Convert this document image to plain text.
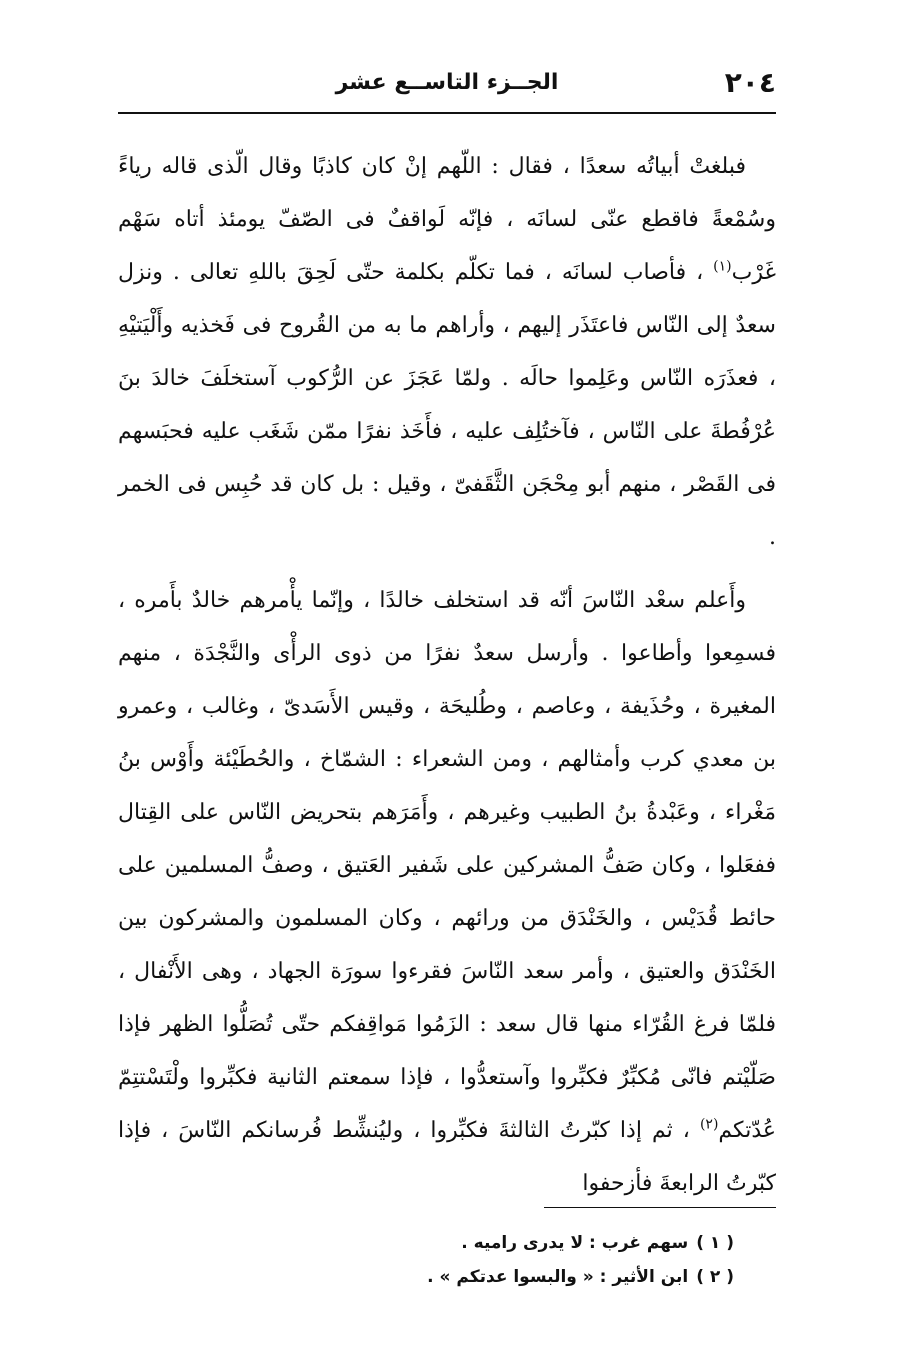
٢٠٤
الجــزء التاســع عشر

فبلغتْ أبياتُه سعدًا ، فقال : اللّهم إنْ كان كاذبًا وقال الّذى قاله رياءً وسُمْعةً فاقطع عنّى لسانَه ، فإنّه لَواقفٌ فى الصّفّ يومئذ أتاه سَهْم غَرْب$^{(١)}$ ، فأصاب لسانَه ، فما تكلّم بكلمة حتّى لَحِقَ باللهِ تعالى . ونزل سعدٌ إلى النّاس فاعتَذَر إليهم ، وأراهم ما به من القُروح فى فَخذيه وأَلْيَتيْهِ ، فعذَرَه النّاس وعَلِموا حالَه . ولمّا عَجَزَ عن الرُّكوب آستخلَفَ خالدَ بنَ عُرْفُطةَ على النّاس ، فآختُلِف عليه ، فأَخَذ نفرًا ممّن شَغَب عليه فحبَسهم فى القَصْر ، منهم أبو مِحْجَن الثَّقَفىّ ، وقيل : بل كان قد حُبِس فى الخمر .

وأَعلم سعْد النّاسَ أنّه قد استخلف خالدًا ، وإنّما يأْمرهم خالدٌ بأَمره ، فسمِعوا وأطاعوا . وأرسل سعدٌ نفرًا من ذوى الرأْى والنَّجْدَة ، منهم المغيرة ، وحُذَيفة ، وعاصم ، وطُليحَة ، وقيس الأَسَدىّ ، وغالب ، وعمرو بن معدي كرب وأمثالهم ، ومن الشعراء : الشمّاخ ، والحُطَيْئة وأَوْس بنُ مَغْراء ، وعَبْدةُ بنُ الطبيب وغيرهم ، وأَمَرَهم بتحريض النّاس على القِتال ففعَلوا ، وكان صَفُّ المشركين على شَفير العَتيق ، وصفُّ المسلمين على حائط قُدَيْس ، والخَنْدَق من ورائهم ، وكان المسلمون والمشركون بين الخَنْدَق والعتيق ، وأمر سعد النّاسَ فقرءوا سورَة الجهاد ، وهى الأَنْفال ، فلمّا فرغ القُرّاء منها قال سعد : الزَمُوا مَواقِفكم حتّى تُصَلُّوا الظهر فإذا صَلّيْتم فانّى مُكبِّرٌ فكبِّروا وآستعدُّوا ، فإذا سمعتم الثانية فكبِّروا ولْتَسْتتِمّ عُدّتكم$^{(٢)}$ ، ثم إذا كبّرتُ الثالثةَ فكبِّروا ، وليُنشِّط فُرسانكم النّاسَ ، فإذا كبّرتُ الرابعةَ فأزحفوا

( ١ )سهم غرب : لا يدرى راميه .
( ٢ )ابن الأثير : « والبسوا عدتكم » .
